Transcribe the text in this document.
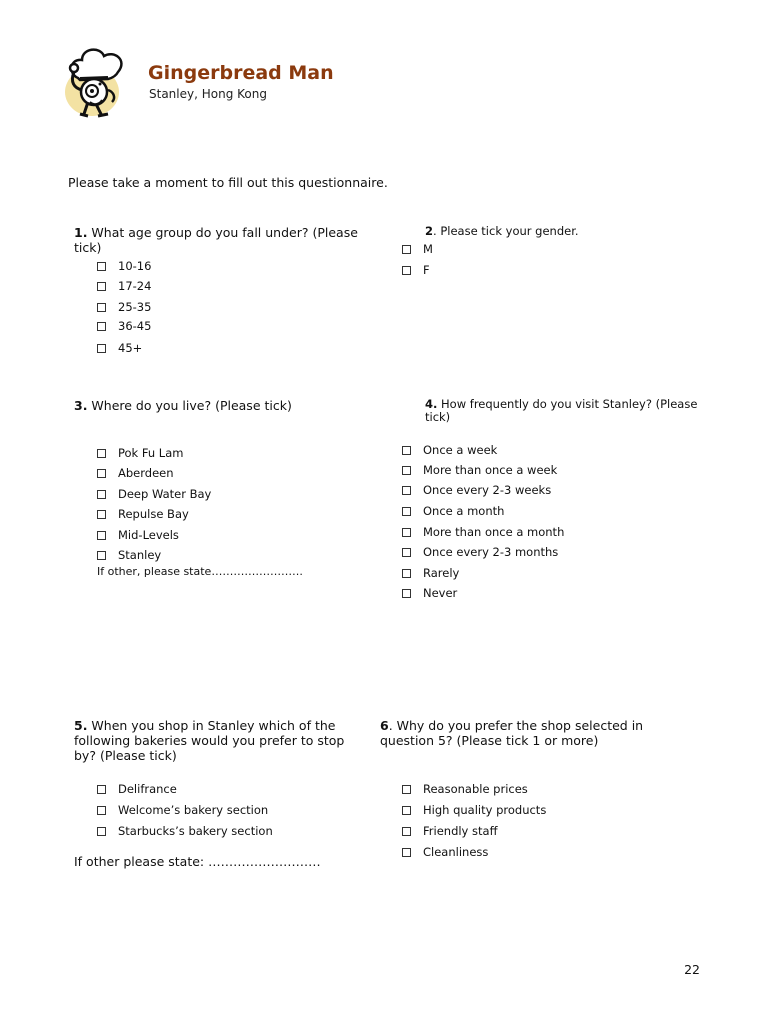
Gingerbread Man
Stanley, Hong Kong
Please take a moment to fill out this questionnaire.
1. What age group do you fall under? (Please tick)
10-16
17-24
25-35
36-45
45+
2. Please tick your gender.
M
F
3. Where do you live? (Please tick)
Pok Fu Lam
Aberdeen
Deep Water Bay
Repulse Bay
Mid-Levels
Stanley
If other, please state…………………….
4. How frequently do you visit Stanley? (Please tick)
Once a week
More than once a week
Once every 2-3 weeks
Once a month
More than once a month
Once every 2-3 months
Rarely
Never
5. When you shop in Stanley which of the following bakeries would you prefer to stop by? (Please tick)
Delifrance
Welcome’s bakery section
Starbucks’s bakery section
If other please state: ………………………
6. Why do you prefer the shop selected in question 5? (Please tick 1 or more)
Reasonable prices
High quality products
Friendly staff
Cleanliness
22
